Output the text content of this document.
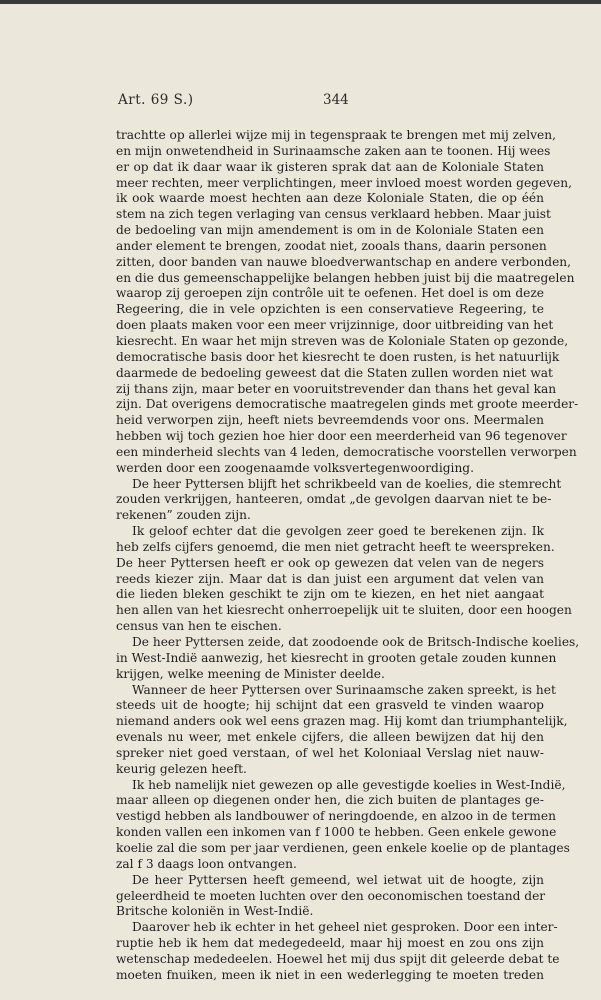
Art. 69 S.)	344
trachtte op allerlei wijze mij in tegenspraak te brengen met mij zelven,
en mijn onwetendheid in Surinaamsche zaken aan te toonen. Hij wees
er op dat ik daar waar ik gisteren sprak dat aan de Koloniale Staten
meer rechten, meer verplichtingen, meer invloed moest worden gegeven,
ik ook waarde moest hechten aan deze Koloniale Staten, die op één
stem na zich tegen verlaging van census verklaard hebben. Maar juist
de bedoeling van mijn amendement is om in de Koloniale Staten een
ander element te brengen, zoodat niet, zooals thans, daarin personen
zitten, door banden van nauwe bloedverwantschap en andere verbonden,
en die dus gemeenschappelijke belangen hebben juist bij die maatregelen
waarop zij geroepen zijn contrôle uit te oefenen. Het doel is om deze
Regeering, die in vele opzichten is een conservatieve Regeering, te
doen plaats maken voor een meer vrijzinnige, door uitbreiding van het
kiesrecht. En waar het mijn streven was de Koloniale Staten op gezonde,
democratische basis door het kiesrecht te doen rusten, is het natuurlijk
daarmede de bedoeling geweest dat die Staten zullen worden niet wat
zij thans zijn, maar beter en vooruitstrevender dan thans het geval kan
zijn. Dat overigens democratische maatregelen ginds met groote meerder-
heid verworpen zijn, heeft niets bevreemdends voor ons. Meermalen
hebben wij toch gezien hoe hier door een meerderheid van 96 tegenover
een minderheid slechts van 4 leden, democratische voorstellen verworpen
werden door een zoogenaamde volksvertegenwoordiging.
De heer Pyttersen blijft het schrikbeeld van de koelies, die stemrecht
zouden verkrijgen, hanteeren, omdat „de gevolgen daarvan niet te be-
rekenen” zouden zijn.
Ik geloof echter dat die gevolgen zeer goed te berekenen zijn. Ik
heb zelfs cijfers genoemd, die men niet getracht heeft te weerspreken.
De heer Pyttersen heeft er ook op gewezen dat velen van de negers
reeds kiezer zijn. Maar dat is dan juist een argument dat velen van
die lieden bleken geschikt te zijn om te kiezen, en het niet aangaat
hen allen van het kiesrecht onherroepelijk uit te sluiten, door een hoogen
census van hen te eischen.
De heer Pyttersen zeide, dat zoodoende ook de Britsch-Indische koelies,
in West-Indië aanwezig, het kiesrecht in grooten getale zouden kunnen
krijgen, welke meening de Minister deelde.
Wanneer de heer Pyttersen over Surinaamsche zaken spreekt, is het
steeds uit de hoogte; hij schijnt dat een grasveld te vinden waarop
niemand anders ook wel eens grazen mag. Hij komt dan triumphantelijk,
evenals nu weer, met enkele cijfers, die alleen bewijzen dat hij den
spreker niet goed verstaan, of wel het Koloniaal Verslag niet nauw-
keurig gelezen heeft.
Ik heb namelijk niet gewezen op alle gevestigde koelies in West-Indië,
maar alleen op diegenen onder hen, die zich buiten de plantages ge-
vestigd hebben als landbouwer of neringdoende, en alzoo in de termen
konden vallen een inkomen van f 1000 te hebben. Geen enkele gewone
koelie zal die som per jaar verdienen, geen enkele koelie op de plantages
zal f 3 daags loon ontvangen.
De heer Pyttersen heeft gemeend, wel ietwat uit de hoogte, zijn
geleerdheid te moeten luchten over den oeconomischen toestand der
Britsche koloniën in West-Indië.
Daarover heb ik echter in het geheel niet gesproken. Door een inter-
ruptie heb ik hem dat medegedeeld, maar hij moest en zou ons zijn
wetenschap mededeelen. Hoewel het mij dus spijt dit geleerde debat te
moeten fnuiken, meen ik niet in een wederlegging te moeten treden
